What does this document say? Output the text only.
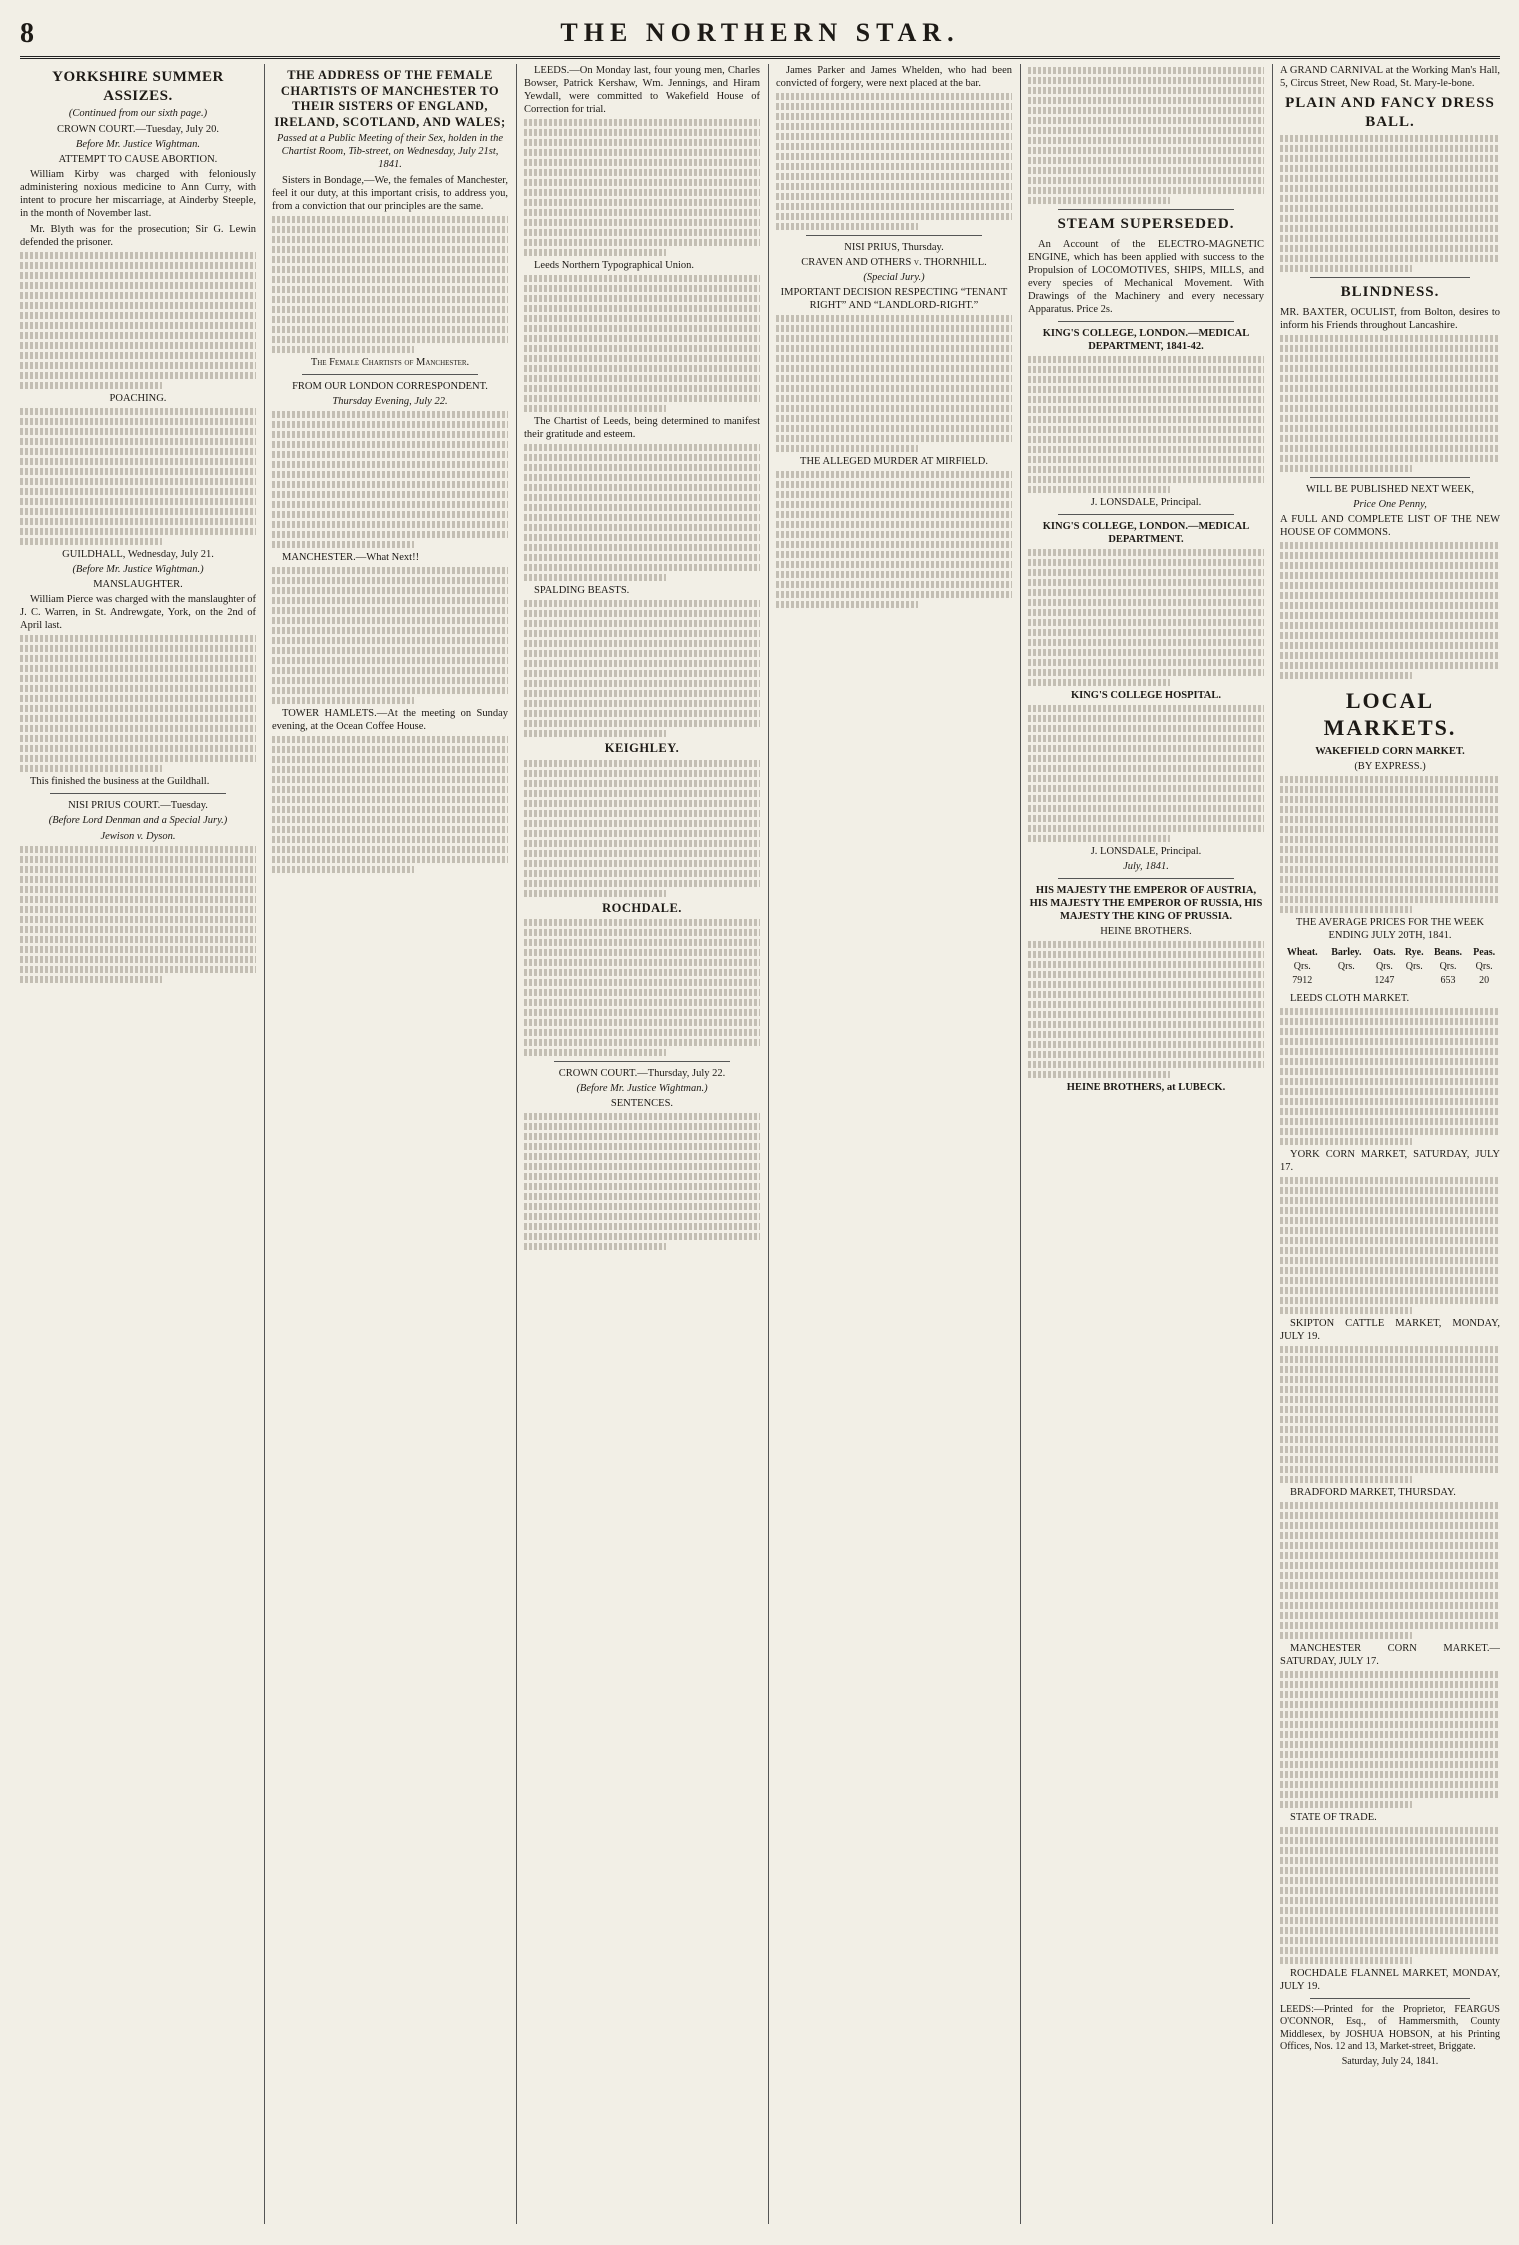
8	THE NORTHERN STAR.
YORKSHIRE SUMMER ASSIZES.
(Continued from our sixth page.)
CROWN COURT.—Tuesday, July 20.
Before Mr. Justice Wightman.
ATTEMPT TO CAUSE ABORTION.

William Kirby was charged with feloniously administering noxious medicine to Ann Curry, with intent to procure her miscarriage, at Ainderby Steeple, in the month of November last.

Mr. Blyth was for the prosecution; Sir G. Lewin defended the prisoner.

POACHING.
GUILDHALL, Wednesday, July 21.
(Before Mr. Justice Wightman.)
MANSLAUGHTER.

William Pierce was charged with the manslaughter of J. C. Warren, in St. Andrewgate, York, on the 2nd of April last.

This finished the business at the Guildhall.

NISI PRIUS COURT.—Tuesday.
(Before Lord Denman and a Special Jury.)
Jewison v. Dyson.
THE ADDRESS OF THE FEMALE CHARTISTS OF MANCHESTER TO THEIR SISTERS OF ENGLAND, IRELAND, SCOTLAND, AND WALES;
Passed at a Public Meeting of their Sex, holden in the Chartist Room, Tib-street, on Wednesday, July 21st, 1841.

Sisters in Bondage,—We, the females of Manchester, feel it our duty, at this important crisis, to address you, from a conviction that our principles are the same.

The Female Chartists of Manchester.
FROM OUR LONDON CORRESPONDENT.
Thursday Evening, July 22.

MANCHESTER.—What Next!!

TOWER HAMLETS.—At the meeting on Sunday evening, at the Ocean Coffee House.

LEEDS.—On Monday last, four young men, Charles Bowser, Patrick Kershaw, Wm. Jennings, and Hiram Yewdall, were committed to Wakefield House of Correction for trial.

Leeds Northern Typographical Union.

The Chartist of Leeds, being determined to manifest their gratitude and esteem.

SPALDING BEASTS.

KEIGHLEY.
ROCHDALE.
CROWN COURT.—Thursday, July 22.
(Before Mr. Justice Wightman.)
SENTENCES.

James Parker and James Whelden, who had been convicted of forgery, were next placed at the bar.

NISI PRIUS, Thursday.
CRAVEN AND OTHERS v. THORNHILL.
(Special Jury.)
IMPORTANT DECISION RESPECTING “TENANT RIGHT” AND “LANDLORD-RIGHT.”
THE ALLEGED MURDER AT MIRFIELD.
STEAM SUPERSEDED.

An Account of the ELECTRO-MAGNETIC ENGINE, which has been applied with success to the Propulsion of LOCOMOTIVES, SHIPS, MILLS, and every species of Mechanical Movement. With Drawings of the Machinery and every necessary Apparatus. Price 2s.

KING'S COLLEGE, LONDON.—MEDICAL DEPARTMENT, 1841-42.
J. LONSDALE, Principal.
KING'S COLLEGE, LONDON.—MEDICAL DEPARTMENT.
KING'S COLLEGE HOSPITAL.
J. LONSDALE, Principal.
July, 1841.
HIS MAJESTY THE EMPEROR OF AUSTRIA, HIS MAJESTY THE EMPEROR OF RUSSIA, HIS MAJESTY THE KING OF PRUSSIA.
HEINE BROTHERS.
HEINE BROTHERS, at LUBECK.

A GRAND CARNIVAL at the Working Man's Hall, 5, Circus Street, New Road, St. Mary-le-bone.

PLAIN AND FANCY DRESS BALL.
BLINDNESS.

MR. BAXTER, OCULIST, from Bolton, desires to inform his Friends throughout Lancashire.

WILL BE PUBLISHED NEXT WEEK,
Price One Penny,

A FULL AND COMPLETE LIST OF THE NEW HOUSE OF COMMONS.

LOCAL MARKETS.
WAKEFIELD CORN MARKET.
(BY EXPRESS.)
THE AVERAGE PRICES FOR THE WEEK ENDING JULY 20TH, 1841.
Wheat.	Barley.	Oats.	Rye.	Beans.	Peas.
Qrs.	Qrs.	Qrs.	Qrs.	Qrs.	Qrs.
7912		1247		653	20

LEEDS CLOTH MARKET.

YORK CORN MARKET, SATURDAY, JULY 17.

SKIPTON CATTLE MARKET, MONDAY, JULY 19.

BRADFORD MARKET, THURSDAY.

MANCHESTER CORN MARKET.—SATURDAY, JULY 17.

STATE OF TRADE.

ROCHDALE FLANNEL MARKET, MONDAY, JULY 19.

LEEDS:—Printed for the Proprietor, FEARGUS O'CONNOR, Esq., of Hammersmith, County Middlesex, by JOSHUA HOBSON, at his Printing Offices, Nos. 12 and 13, Market-street, Briggate.

Saturday, July 24, 1841.
